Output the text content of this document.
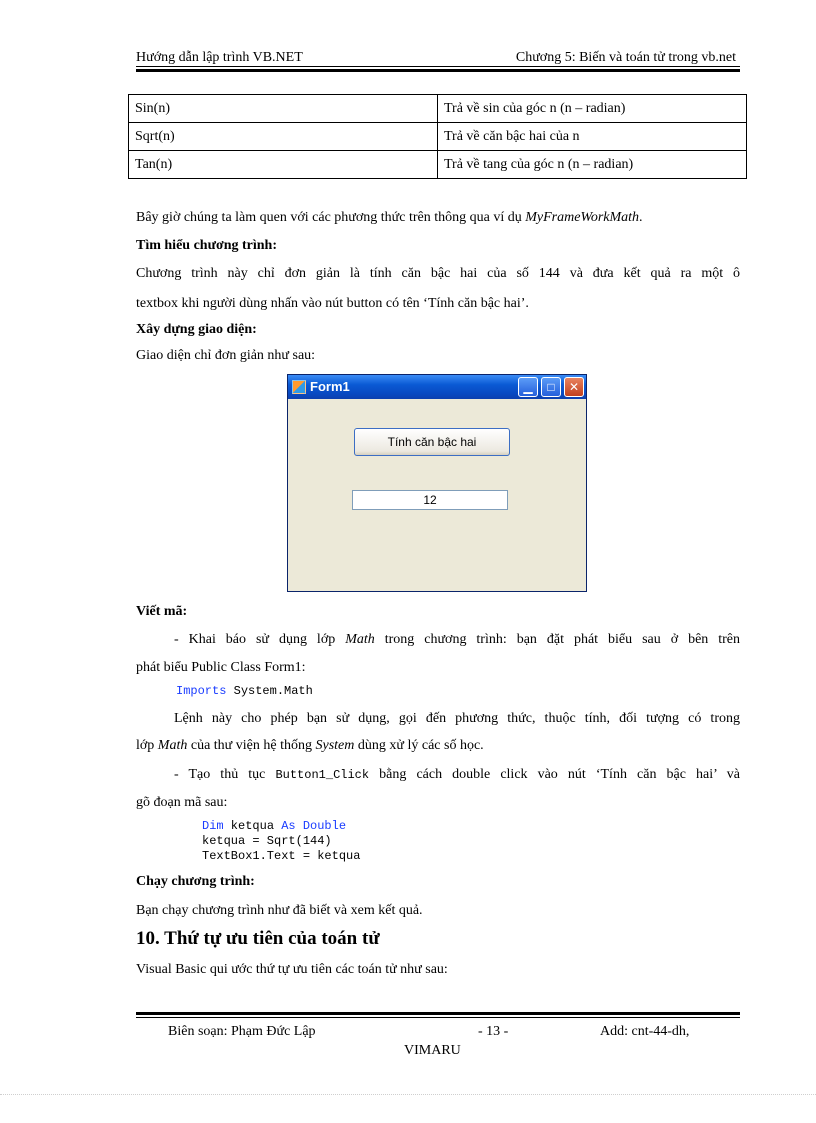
Hướng dẫn lập trình VB.NET	Chương 5: Biến và toán tử trong vb.net
Sin(n)	Trả về sin của góc n (n – radian)
Sqrt(n)	Trả về căn bậc hai của n
Tan(n)	Trả về tang của góc n (n – radian)
Bây giờ chúng ta làm quen với các phương thức trên thông qua ví dụ MyFrameWorkMath.
Tìm hiểu chương trình:
Chương trình này chỉ đơn giản là tính căn bậc hai của số 144 và đưa kết quả ra một ô
textbox khi người dùng nhấn vào nút button có tên ‘Tính căn bậc hai’.
Xây dựng giao diện:
Giao diện chỉ đơn giản như sau:
Form1	▁	□	✕
Tính căn bậc hai
12
Viết mã:
- Khai báo sử dụng lớp Math trong chương trình: bạn đặt phát biểu sau ở bên trên
phát biểu Public Class Form1:
Imports System.Math
Lệnh này cho phép bạn sử dụng, gọi đến phương thức, thuộc tính, đối tượng có trong
lớp Math của thư viện hệ thống System dùng xử lý các số học.
- Tạo thủ tục Button1_Click bằng cách double click vào nút ‘Tính căn bậc hai’ và
gõ đoạn mã sau:
Dim ketqua As Double
ketqua = Sqrt(144)
TextBox1.Text = ketqua
Chạy chương trình:
Bạn chạy chương trình như đã biết và xem kết quả.
10. Thứ tự ưu tiên của toán tử
Visual Basic qui ước thứ tự ưu tiên các toán tử như sau:
Biên soạn: Phạm Đức Lập	- 13 -	Add: cnt-44-dh,
VIMARU
